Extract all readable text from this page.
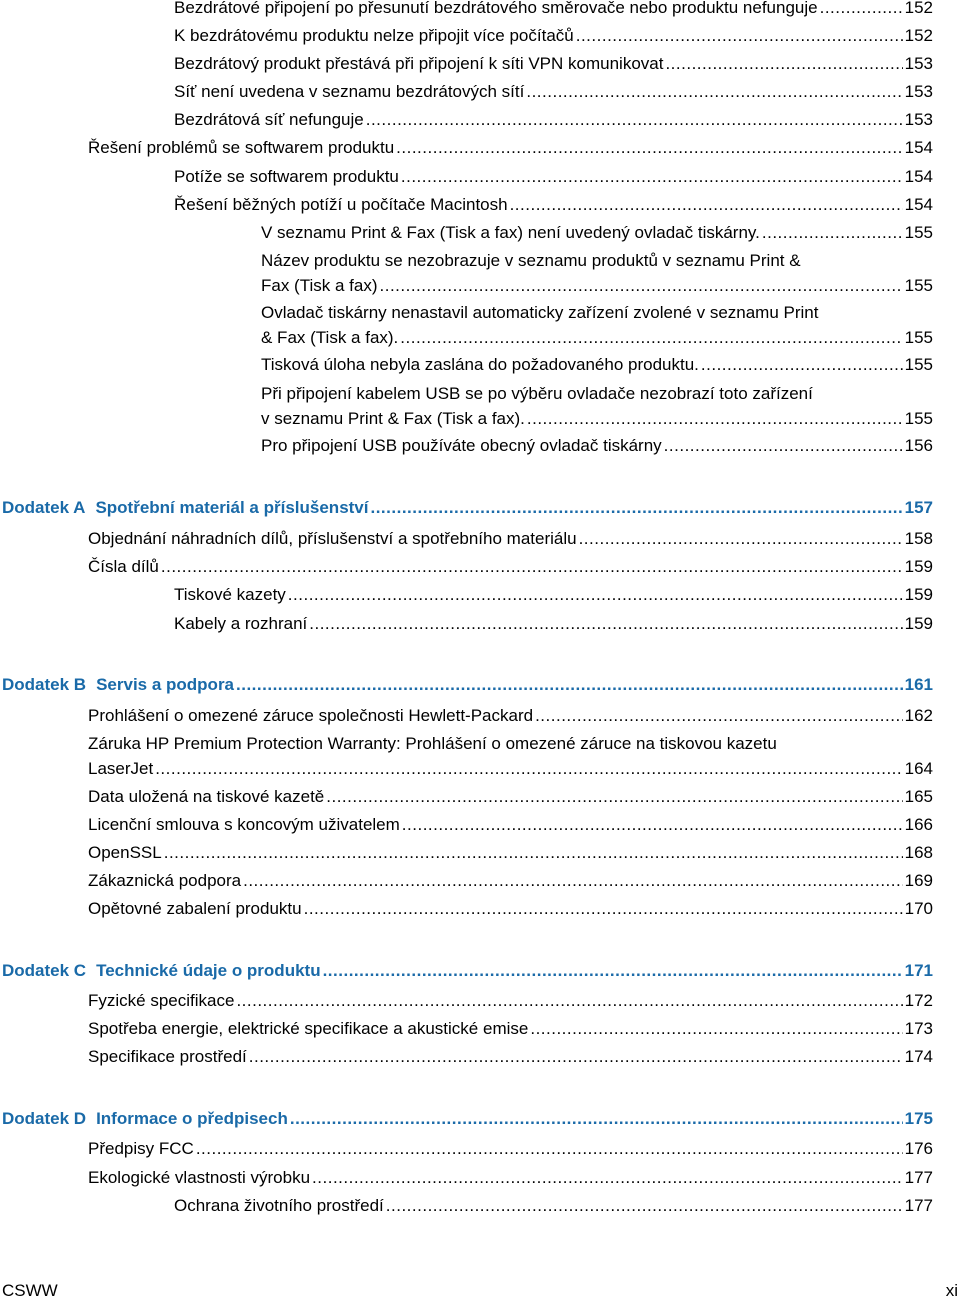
Bezdrátové připojení po přesunutí bezdrátového směrovače nebo produktu nefunguje .....	152
K bezdrátovému produktu nelze připojit více počítačů .....	152
Bezdrátový produkt přestává při připojení k síti VPN komunikovat .....	153
Síť není uvedena v seznamu bezdrátových sítí .....	153
Bezdrátová síť nefunguje .....	153
Řešení problémů se softwarem produktu .....	154
Potíže se softwarem produktu .....	154
Řešení běžných potíží u počítače Macintosh .....	154
V seznamu Print & Fax (Tisk a fax) není uvedený ovladač tiskárny. .....	155
Název produktu se nezobrazuje v seznamu produktů v seznamu Print &
Fax (Tisk a fax) .....	155
Ovladač tiskárny nenastavil automaticky zařízení zvolené v seznamu Print
& Fax (Tisk a fax). .....	155
Tisková úloha nebyla zaslána do požadovaného produktu. .....	155
Při připojení kabelem USB se po výběru ovladače nezobrazí toto zařízení
v seznamu Print & Fax (Tisk a fax). .....	155
Pro připojení USB používáte obecný ovladač tiskárny .....	156
Dodatek A Spotřební materiál a příslušenství .....	157
Objednání náhradních dílů, příslušenství a spotřebního materiálu .....	158
Čísla dílů .....	159
Tiskové kazety .....	159
Kabely a rozhraní .....	159
Dodatek B Servis a podpora .....	161
Prohlášení o omezené záruce společnosti Hewlett-Packard .....	162
Záruka HP Premium Protection Warranty: Prohlášení o omezené záruce na tiskovou kazetu
LaserJet .....	164
Data uložená na tiskové kazetě .....	165
Licenční smlouva s koncovým uživatelem .....	166
OpenSSL .....	168
Zákaznická podpora .....	169
Opětovné zabalení produktu .....	170
Dodatek C Technické údaje o produktu .....	171
Fyzické specifikace .....	172
Spotřeba energie, elektrické specifikace a akustické emise .....	173
Specifikace prostředí .....	174
Dodatek D Informace o předpisech .....	175
Předpisy FCC .....	176
Ekologické vlastnosti výrobku .....	177
Ochrana životního prostředí .....	177
CSWW	xi
